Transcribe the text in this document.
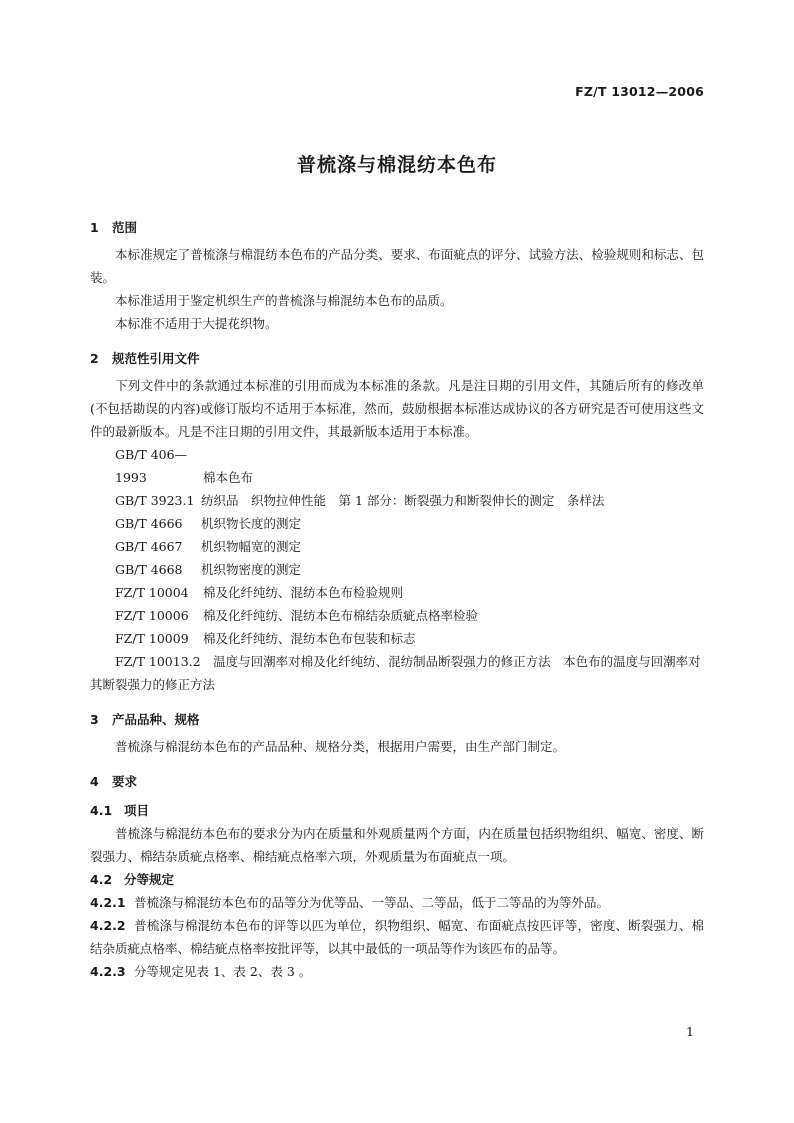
FZ/T 13012—2006
普梳涤与棉混纺本色布
1 范围

本标准规定了普梳涤与棉混纺本色布的产品分类、要求、布面疵点的评分、试验方法、检验规则和标志、包装。

本标准适用于鉴定机织生产的普梳涤与棉混纺本色布的品质。

本标准不适用于大提花织物。

2 规范性引用文件

下列文件中的条款通过本标准的引用而成为本标准的条款。凡是注日期的引用文件，其随后所有的修改单(不包括勘误的内容)或修订版均不适用于本标准，然而，鼓励根据本标准达成协议的各方研究是否可使用这些文件的最新版本。凡是不注日期的引用文件，其最新版本适用于本标准。

GB/T 406—1993	棉本色布
GB/T 3923.1 纺织品　织物拉伸性能　第 1 部分：断裂强力和断裂伸长的测定　条样法
GB/T 4666 机织物长度的测定
GB/T 4667 机织物幅宽的测定
GB/T 4668 机织物密度的测定
FZ/T 10004 棉及化纤纯纺、混纺本色布检验规则
FZ/T 10006 棉及化纤纯纺、混纺本色布棉结杂质疵点格率检验
FZ/T 10009 棉及化纤纯纺、混纺本色布包装和标志
FZ/T 10013.2　 温度与回潮率对棉及化纤纯纺、混纺制品断裂强力的修正方法　本色布的温度与回潮率对其断裂强力的修正方法
3 产品品种、规格

普梳涤与棉混纺本色布的产品品种、规格分类，根据用户需要，由生产部门制定。

4 要求
4.1 项目

普梳涤与棉混纺本色布的要求分为内在质量和外观质量两个方面，内在质量包括织物组织、幅宽、密度、断裂强力、棉结杂质疵点格率、棉结疵点格率六项，外观质量为布面疵点一项。

4.2 分等规定

4.2.1 普梳涤与棉混纺本色布的品等分为优等品、一等品、二等品，低于二等品的为等外品。

4.2.2 普梳涤与棉混纺本色布的评等以匹为单位，织物组织、幅宽、布面疵点按匹评等，密度、断裂强力、棉结杂质疵点格率、棉结疵点格率按批评等，以其中最低的一项品等作为该匹布的品等。

4.2.3 分等规定见表 1、表 2、表 3 。

1
